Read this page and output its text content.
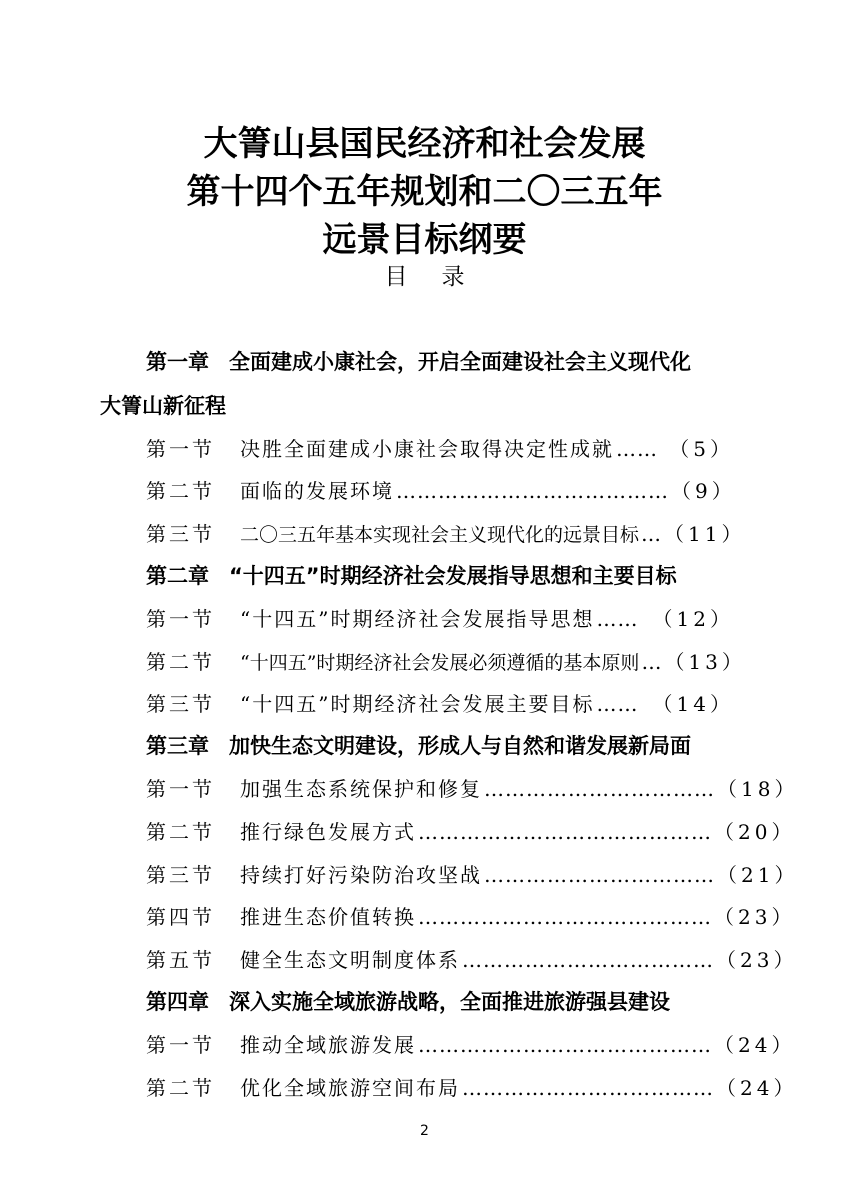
大箐山县国民经济和社会发展
第十四个五年规划和二〇三五年
远景目标纲要
目录
第一章 全面建成小康社会，开启全面建设社会主义现代化
大箐山新征程
第一节	决胜全面建成小康社会取得决定性成就 …… （5）
第二节	面临的发展环境 ………………………………… （9）
第三节	二〇三五年基本实现社会主义现代化的远景目标 … （11）
第二章 “十四五”时期经济社会发展指导思想和主要目标
第一节	“十四五”时期经济社会发展指导思想 …… （12）
第二节	“十四五”时期经济社会发展必须遵循的基本原则 … （13）
第三节	“十四五”时期经济社会发展主要目标 …… （14）
第三章 加快生态文明建设，形成人与自然和谐发展新局面
第一节	加强生态系统保护和修复 …………………………… （18）
第二节	推行绿色发展方式 …………………………………… （20）
第三节	持续打好污染防治攻坚战 …………………………… （21）
第四节	推进生态价值转换 …………………………………… （23）
第五节	健全生态文明制度体系 ……………………………… （23）
第四章 深入实施全域旅游战略，全面推进旅游强县建设
第一节	推动全域旅游发展 …………………………………… （24）
第二节	优化全域旅游空间布局 ……………………………… （24）
2
